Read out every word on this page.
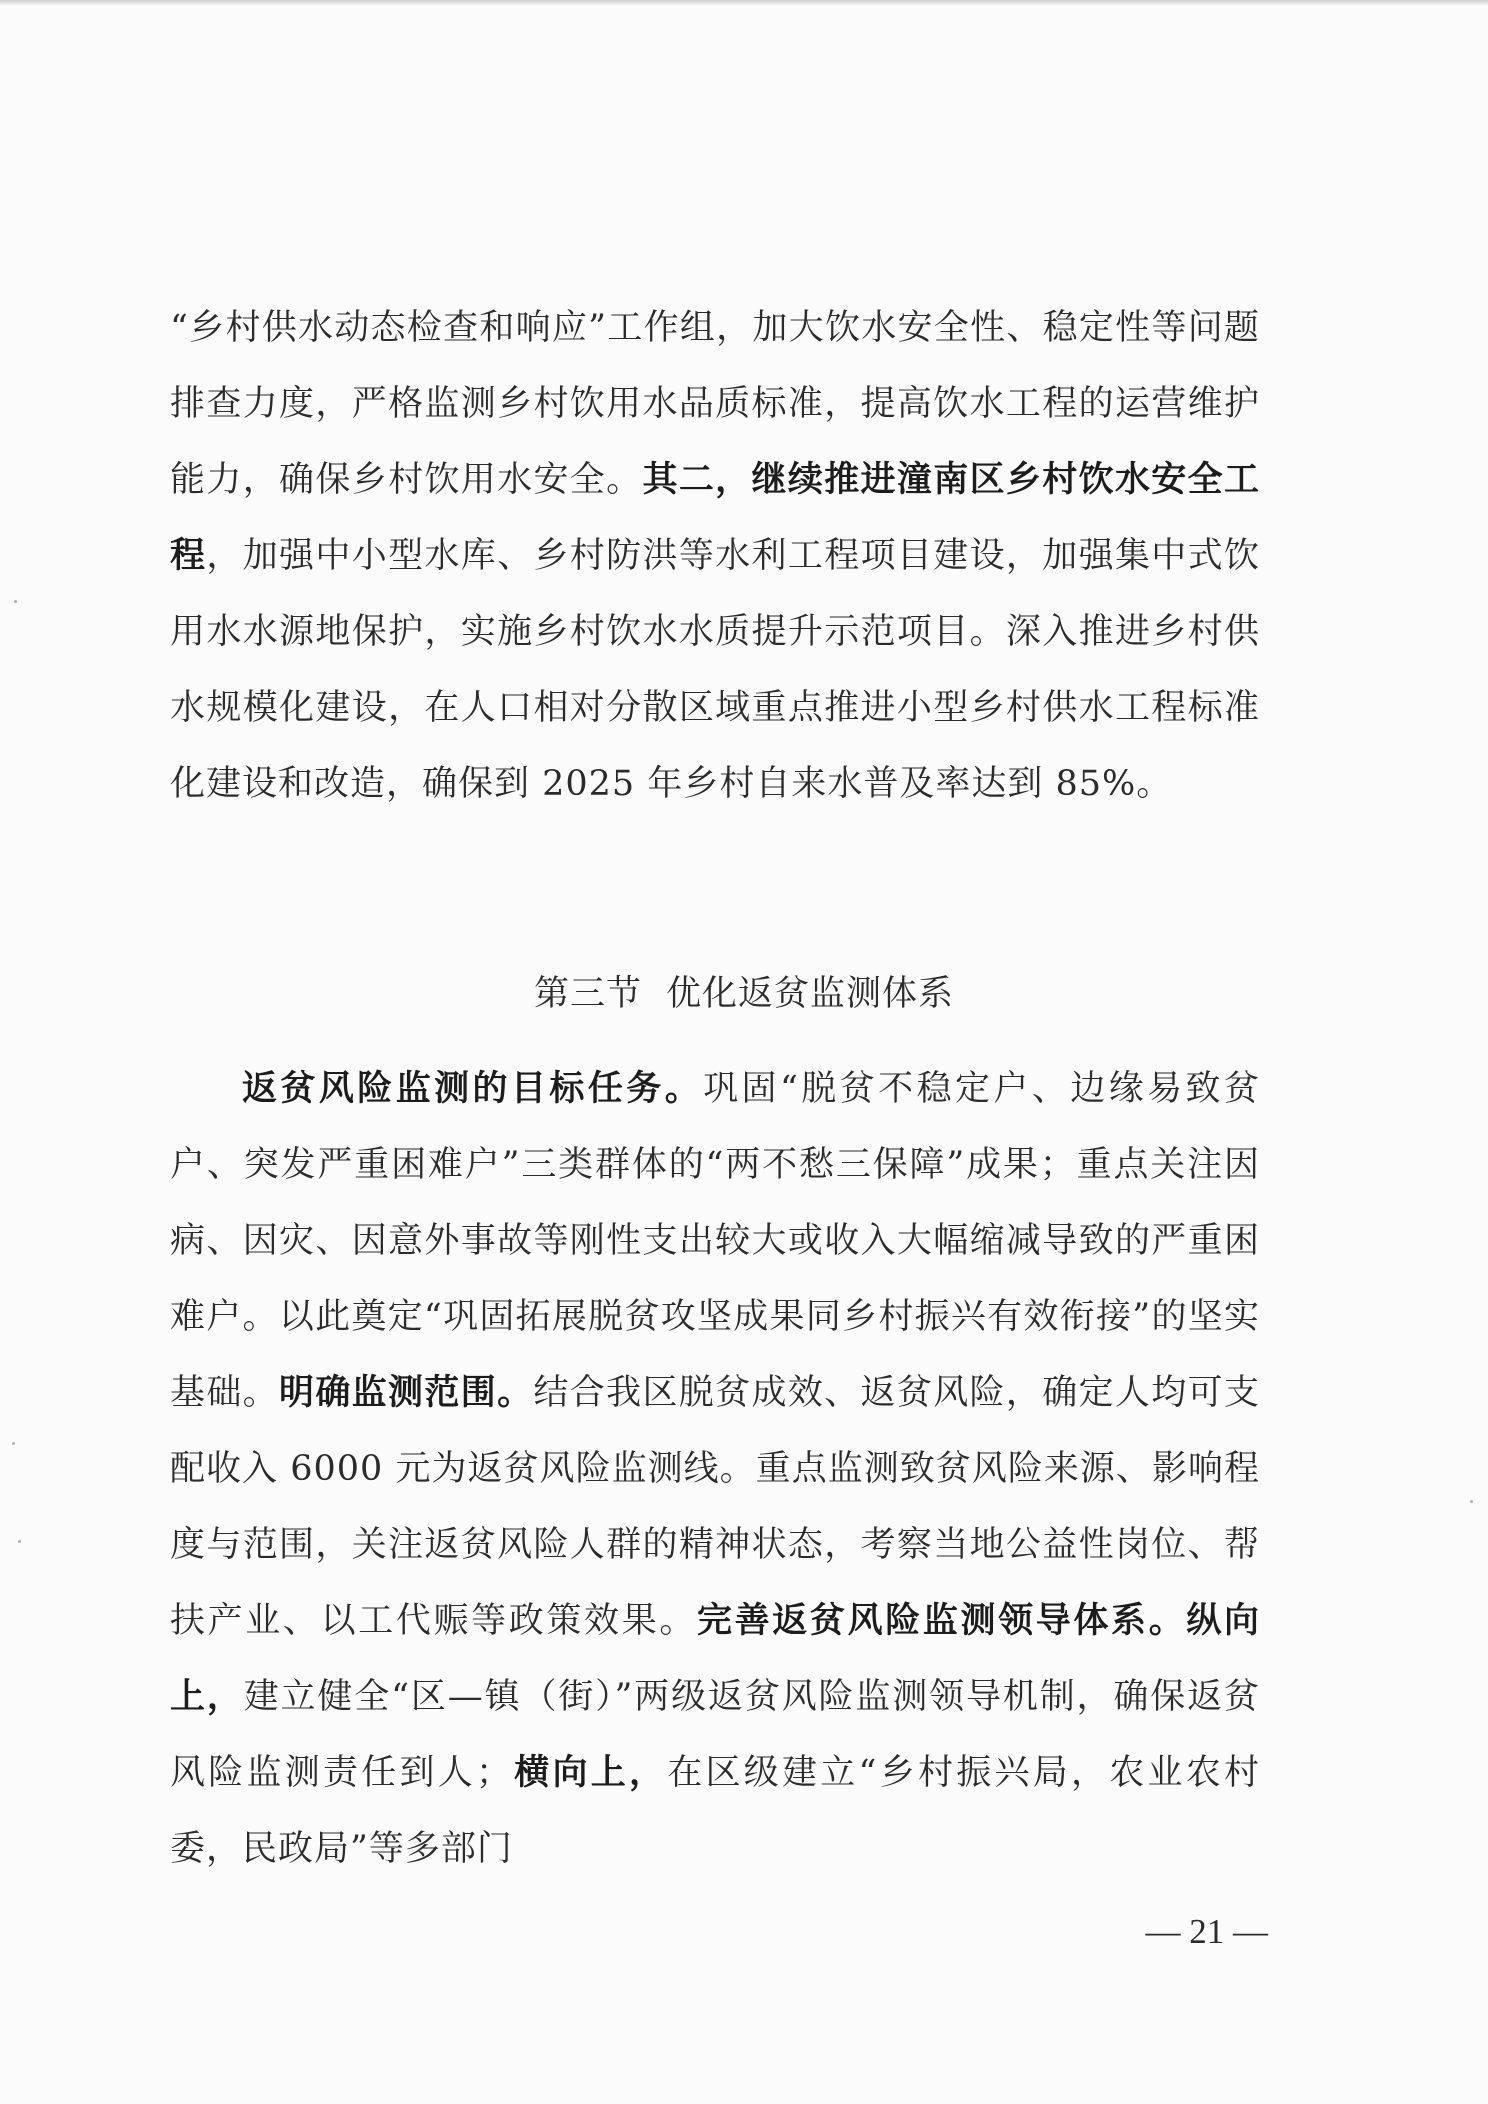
“乡村供水动态检查和响应”工作组，加大饮水安全性、稳定性等问题排查力度，严格监测乡村饮用水品质标准，提高饮水工程的运营维护能力，确保乡村饮用水安全。其二，继续推进潼南区乡村饮水安全工程，加强中小型水库、乡村防洪等水利工程项目建设，加强集中式饮用水水源地保护，实施乡村饮水水质提升示范项目。深入推进乡村供水规模化建设，在人口相对分散区域重点推进小型乡村供水工程标准化建设和改造，确保到 2025 年乡村自来水普及率达到 85%。

第三节 优化返贫监测体系

返贫风险监测的目标任务。巩固“脱贫不稳定户、边缘易致贫户、突发严重困难户”三类群体的“两不愁三保障”成果；重点关注因病、因灾、因意外事故等刚性支出较大或收入大幅缩减导致的严重困难户。以此奠定“巩固拓展脱贫攻坚成果同乡村振兴有效衔接”的坚实基础。明确监测范围。结合我区脱贫成效、返贫风险，确定人均可支配收入 6000 元为返贫风险监测线。重点监测致贫风险来源、影响程度与范围，关注返贫风险人群的精神状态，考察当地公益性岗位、帮扶产业、以工代赈等政策效果。完善返贫风险监测领导体系。纵向上，建立健全“区—镇（街）”两级返贫风险监测领导机制，确保返贫风险监测责任到人；横向上，在区级建立“乡村振兴局，农业农村委，民政局”等多部门

— 21 —
